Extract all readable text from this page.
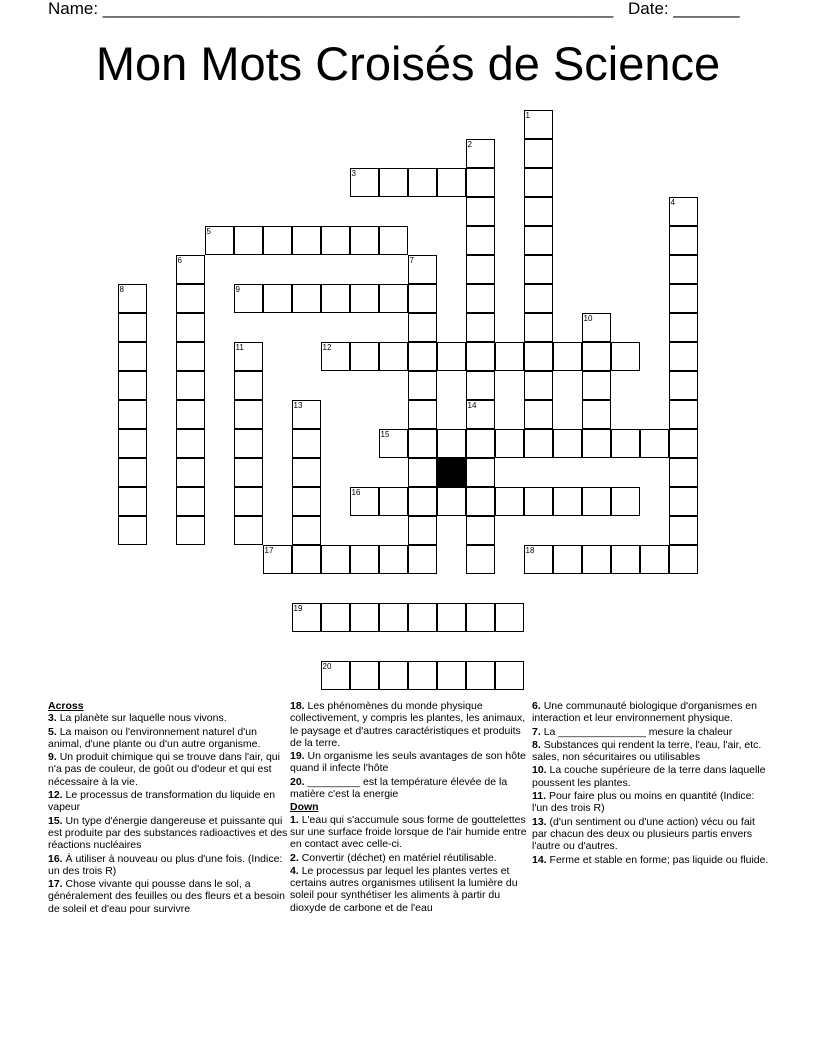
Name: ______________________________________________________ Date: _______
Mon Mots Croisés de Science
1
2
3
4
5
6	7
8	9
10
11	12
13	14
15
16
17	18
19
20
Across
3. La planète sur laquelle nous vivons.
5. La maison ou l'environnement naturel d'un animal, d'une plante ou d'un autre organisme.
9. Un produit chimique qui se trouve dans l'air, qui n'a pas de couleur, de goût ou d'odeur et qui est nécessaire à la vie.
12. Le processus de transformation du liquide en vapeur
15. Un type d'énergie dangereuse et puissante qui est produite par des substances radioactives et des réactions nucléaires
16. À utiliser à nouveau ou plus d'une fois. (Indice: un des trois R)
17. Chose vivante qui pousse dans le sol, a généralement des feuilles ou des fleurs et a besoin de soleil et d'eau pour survivre
18. Les phénomènes du monde physique collectivement, y compris les plantes, les animaux, le paysage et d'autres caractéristiques et produits de la terre.
19. Un organisme les seuls avantages de son hôte quand il infecte l'hôte
20. _________ est la température élevée de la matière c'est la energie
Down
1. L'eau qui s'accumule sous forme de gouttelettes sur une surface froide lorsque de l'air humide entre en contact avec celle-ci.
2. Convertir (déchet) en matériel réutilisable.
4. Le processus par lequel les plantes vertes et certains autres organismes utilisent la lumière du soleil pour synthétiser les aliments à partir du dioxyde de carbone et de l'eau
6. Une communauté biologique d'organismes en interaction et leur environnement physique.
7. La _______________ mesure la chaleur
8. Substances qui rendent la terre, l'eau, l'air, etc. sales, non sécuritaires ou utilisables
10. La couche supérieure de la terre dans laquelle poussent les plantes.
11. Pour faire plus ou moins en quantité (Indice: l'un des trois R)
13. (d'un sentiment ou d'une action) vécu ou fait par chacun des deux ou plusieurs partis envers l'autre ou d'autres.
14. Ferme et stable en forme; pas liquide ou fluide.
